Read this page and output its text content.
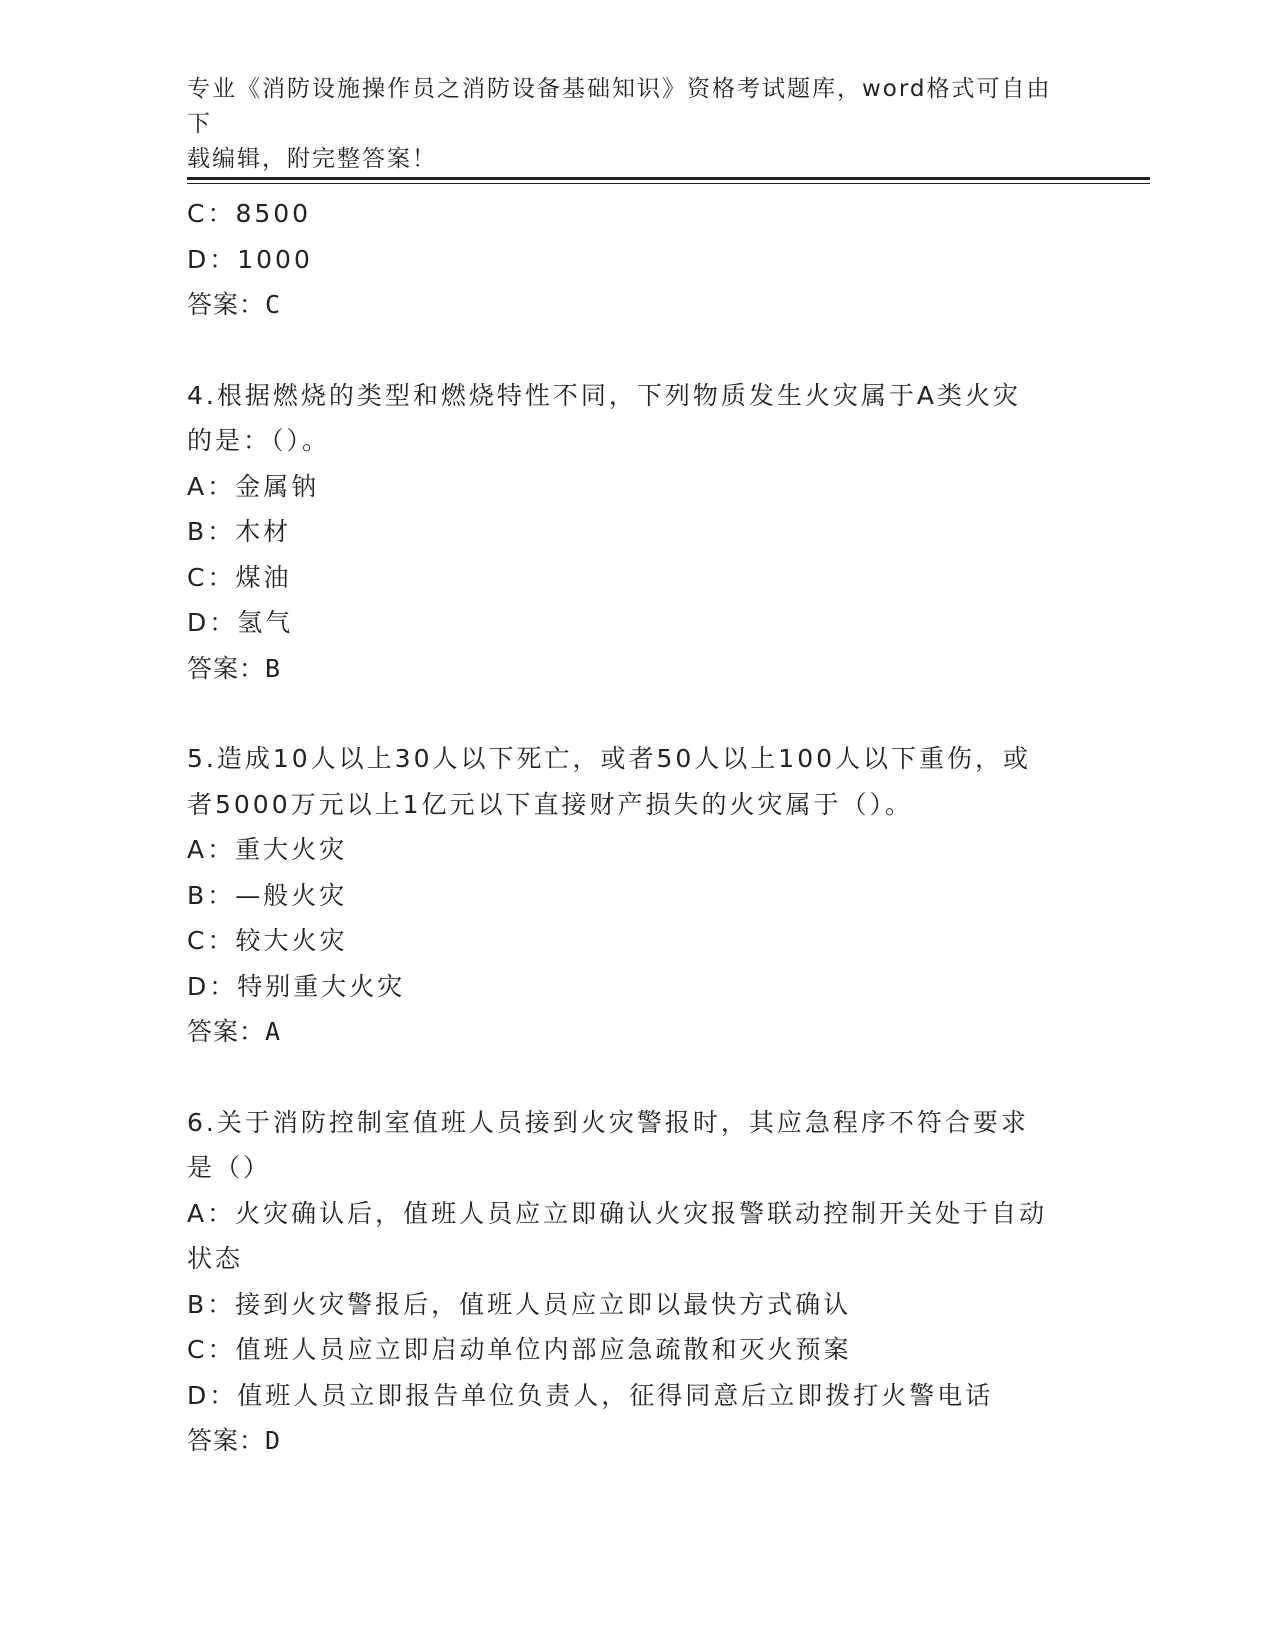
专业《消防设施操作员之消防设备基础知识》资格考试题库，word格式可自由下
载编辑，附完整答案！
C：8500
D：1000
答案：C
4.根据燃烧的类型和燃烧特性不同，下列物质发生火灾属于A类火灾
的是：（）。
A：金属钠
B：木材
C：煤油
D：氢气
答案：B
5.造成10人以上30人以下死亡，或者50人以上100人以下重伤，或
者5000万元以上1亿元以下直接财产损失的火灾属于（）。
A：重大火灾
B：—般火灾
C：较大火灾
D：特别重大火灾
答案：A
6.关于消防控制室值班人员接到火灾警报时，其应急程序不符合要求
是（）
A：火灾确认后，值班人员应立即确认火灾报警联动控制开关处于自动
状态
B：接到火灾警报后，值班人员应立即以最快方式确认
C：值班人员应立即启动单位内部应急疏散和灭火预案
D：值班人员立即报告单位负责人，征得同意后立即拨打火警电话
答案：D
